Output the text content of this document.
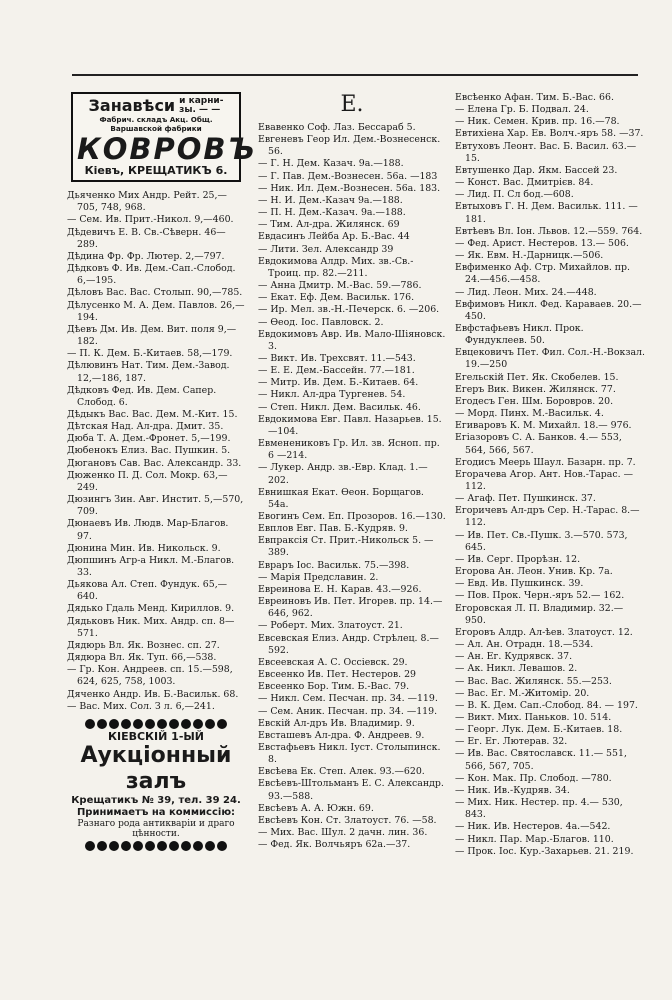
Занавѣси и карни-
зы. — —
Фабрич. складъ Акц. Общ.
Варшавской фабрики
КОВРОВЪ
Кіевъ, КРЕЩАТИКЪ 6.
Дьяченко Мих Андр. Рейт. 25,—705, 748, 968.
— Сем. Ив. Прит.-Никол. 9,—460.
Дѣдевичъ Е. В. Св.-Сѣверн. 46—289.
Дѣдина Фр. Фр. Лютер. 2,—797.
Дѣдковъ Ф. Ив. Дем.-Сап.-Слобод. 6,—195.
Дѣловъ Вас. Вас. Столып. 90,—785.
Дѣлусенко М. А. Дем. Павлов. 26,—194.
Дѣевъ Дм. Ив. Дем. Вит. поля 9,—182.
— П. К. Дем. Б.-Китаев. 58,—179.
Дѣлювинъ Нат. Тим. Дем.-Завод. 12,—186, 187.
Дѣдковъ Фед. Ив. Дем. Сапер. Слобод. 6.
Дѣдыкъ Вас. Вас. Дем. М.-Кит. 15.
Дѣтская Над. Ал-дра. Дмит. 35.
Дюба Т. А. Дем.-Фронет. 5,—199.
Дюбенокъ Елиз. Вас. Пушкин. 5.
Дюгановъ Сав. Вас. Александр. 33.
Дюженко П. Д. Сол. Мокр. 63,—249.
Дюзингъ Зин. Авг. Инстит. 5,—570, 709.
Дюнаевъ Ив. Людв. Мар-Благов. 97.
Дюнина Мин. Ив. Никольск. 9.
Дюпшинъ Агр-а Никл. М.-Благов. 33.
Дьякова Ал. Степ. Фундук. 65,—640.
Дядько Гдаль Менд. Кириллов. 9.
Дядьковъ Ник. Мих. Андр. сп. 8—571.
Дядюрь Вл. Як. Вознес. сп. 27.
Дядюра Вл. Як. Туп. 66,—538.
— Гр. Кон. Андреев. сп. 15.—598, 624, 625, 758, 1003.
Дяченко Андр. Ив. Б.-Васильк. 68.
— Вас. Мих. Сол. З л. 6,—241.
КІЕВСКІЙ 1-ЫЙ
Аукціонный залъ
Крещатикъ № 39, тел. 39 24.
Принимаетъ на коммиссію:
Разнаго рода антикваріи и драго цѣнности.
Е.
Евавенко Соф. Лаз. Бессараб 5.
Евгеневъ Геор Ил. Дем.-Вознесенск. 56.
— Г. Н. Дем. Казач. 9а.—188.
— Г. Пав. Дем.-Вознесен. 56а. —183
— Ник. Ил. Дем.-Вознесен. 56а. 183.
— Н. И. Дем.-Казач 9а.—188.
— П. Н. Дем.-Казач. 9а.—188.
— Тим. Ал-дра. Жилянск. 69
Евдасинъ Лейба Ар. Б.-Вас. 44
— Лити. Зел. Александр 39
Евдокимова Алдр. Мих. зв.-Св.-Троиц. пр. 82.—211.
— Анна Дмитр. М.-Вас. 59.—786.
— Екат. Еф. Дем. Васильк. 176.
— Ир. Мел. зв.-Н.-Печерск. 6. —206.
— Өеод. Іос. Павловск. 2.
Евдокимовъ Авр. Ив. Мало-Шіяновск. 3.
— Викт. Ив. Трехсвят. 11.—543.
— Е. Е. Дем.-Бассейн. 77.—181.
— Митр. Ив. Дем. Б.-Китаев. 64.
— Никл. Ал-дра Тургенев. 54.
— Степ. Никл. Дем. Васильк. 46.
Евдокимова Евг. Павл. Назарьев. 15. —104.
Евменениковъ Гр. Ил. зв. Ясноп. пр. 6 —214.
— Лукер. Андр. зв.-Евр. Клад. 1.—202.
Евнишкая Екат. Өеон. Борщагов. 54а.
Евогинъ Сем. Еп. Прозоров. 16.—130.
Евплов Евг. Пав. Б.-Кудряв. 9.
Евпраксія Ст. Прит.-Никольск 5. —389.
Евраръ Іос. Васильк. 75.—398.
— Марія Предславин. 2.
Евреинова Е. Н. Карав. 43.—926.
Евреиновъ Ив. Пет. Игорев. пр. 14.—646, 962.
— Роберт. Мих. Златоуст. 21.
Евсевская Елиз. Андр. Стрѣлец. 8.—592.
Евсеевская А. С. Оссіевск. 29.
Евсеенко Ив. Пет. Нестеров. 29
Евсеенко Бор. Тим. Б.-Вас. 79.
— Никл. Сем. Песчан. пр. 34. —119.
— Сем. Аник. Песчан. пр. 34. —119.
Евскій Ал-дръ Ив. Владимир. 9.
Евсташевъ Ал-дра. Ф. Андреев. 9.
Евстафьевъ Никл. Іуст. Столыпинск. 8.
Евсѣева Ек. Степ. Алек. 93.—620.
Евсѣевъ-Штольманъ Е. С. Александр. 93.—588.
Евсѣевъ А. А. Южн. 69.
Евсѣевъ Кон. Ст. Златоуст. 76. —58.
— Мих. Вас. Шул. 2 дачн. лин. 36.
— Фед. Як. Волчьяръ 62а.—37.
Евсѣенко Афан. Тим. Б.-Вас. 66.
— Елена Гр. Б. Подвал. 24.
— Ник. Семен. Крив. пр. 16.—78.
Евтихіена Хар. Ев. Волч.-яръ 58. —37.
Евтуховъ Леонт. Вас. Б. Васил. 63.—15.
Евтушенко Дар. Якм. Бассей 23.
— Конст. Вас. Дмитрієв. 84.
— Лид. П. Сл бод.—608.
Евтыховъ Г. Н. Дем. Васильк. 111. —181.
Евтѣевъ Вл. Іон. Львов. 12.—559. 764.
— Фед. Арист. Нестеров. 13.— 506.
— Як. Евм. Н.-Дарницк.—506.
Евфименко Аф. Стр. Михайлов. пр. 24.—456.—458.
— Лид. Леон. Мих. 24.—448.
Евфимовъ Никл. Фед. Караваев. 20.—450.
Евфстафьевъ Никл. Прок. Фундуклеев. 50.
Евцековичъ Пет. Фил. Сол.-Н.-Вокзал. 19.—250
Егельскій Пет. Як. Скобелев. 15.
Егеръ Вик. Викен. Жилянск. 77.
Егодесъ Ген. Шм. Боровров. 20.
— Морд. Пинх. М.-Васильк. 4.
Егиваровъ К. М. Михайл. 18.— 976.
Егіазоровъ С. А. Банков. 4.— 553, 564, 566, 567.
Егодисъ Меерь Шаул. Базарн. пр. 7.
Егорачева Агор. Ант. Нов.-Тарас. — 112.
— Агаф. Пет. Пушкинск. 37.
Егоричевъ Ал-дръ Сер. Н.-Тарас. 8.—112.
— Ив. Пет. Св.-Пушк. 3.—570. 573, 645.
— Ив. Серг. Прорѣзн. 12.
Егорова Ан. Леон. Унив. Кр. 7а.
— Евд. Ив. Пушкинск. 39.
— Пов. Прок. Черн.-яръ 52.— 162.
Егоровская Л. П. Владимир. 32.— 950.
Егоровъ Алдр. Ал-ѣев. Златоуст. 12.
— Ал. Ан. Отрадн. 18.—534.
— Ан. Ег. Кудрявск. 37.
— Ак. Никл. Левашов. 2.
— Вас. Вас. Жилянск. 55.—253.
— Вас. Ег. М.-Житомір. 20.
— В. К. Дем. Сап.-Слобод. 84. — 197.
— Викт. Мих. Паньков. 10. 514.
— Георг. Лук. Дем. Б.-Китаев. 18.
— Ег. Ег. Лютерав. 32.
— Ив. Вас. Святославск. 11.— 551, 566, 567, 705.
— Кон. Мак. Пр. Слобод. —780.
— Ник. Ив.-Кудряв. 34.
— Мих. Ник. Нестер. пр. 4.— 530, 843.
— Ник. Ив. Нестеров. 4а.—542.
— Никл. Пар. Мар.-Благов. 110.
— Прок. Іос. Кур.-Захарьев. 21. 219.
